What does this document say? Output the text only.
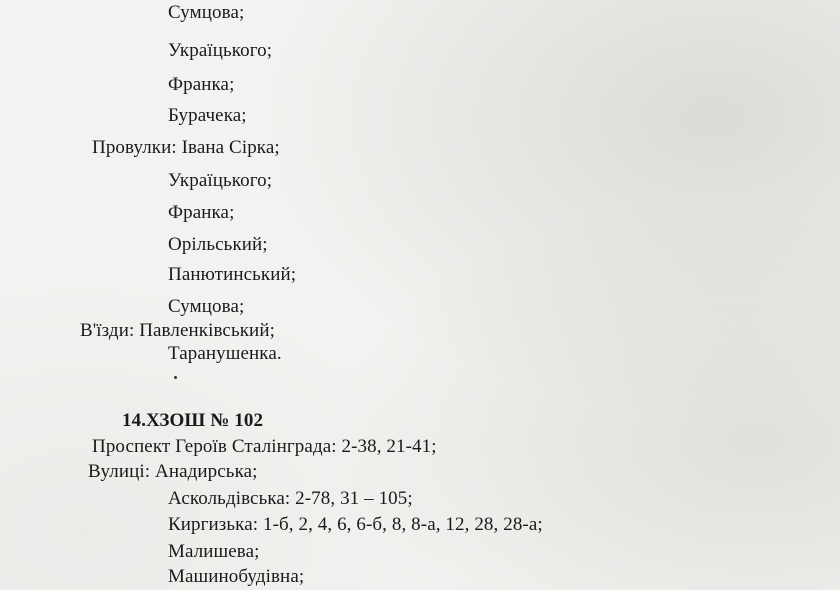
Сумцова;
Украïцького;
Франка;
Бурачека;
Провулки: Івана Сірка;
Украïцького;
Франка;
Орільський;
Панютинський;
Сумцова;
В'їзди: Павленківський;
Таранушенка.
14.ХЗОШ № 102
Проспект Героїв Сталінграда: 2-38, 21-41;
Вулиці: Анадирська;
Аскольдівська: 2-78, 31 – 105;
Киргизька: 1-б, 2, 4, 6, 6-б, 8, 8-а, 12, 28, 28-а;
Малишева;
Машинобудівна;
